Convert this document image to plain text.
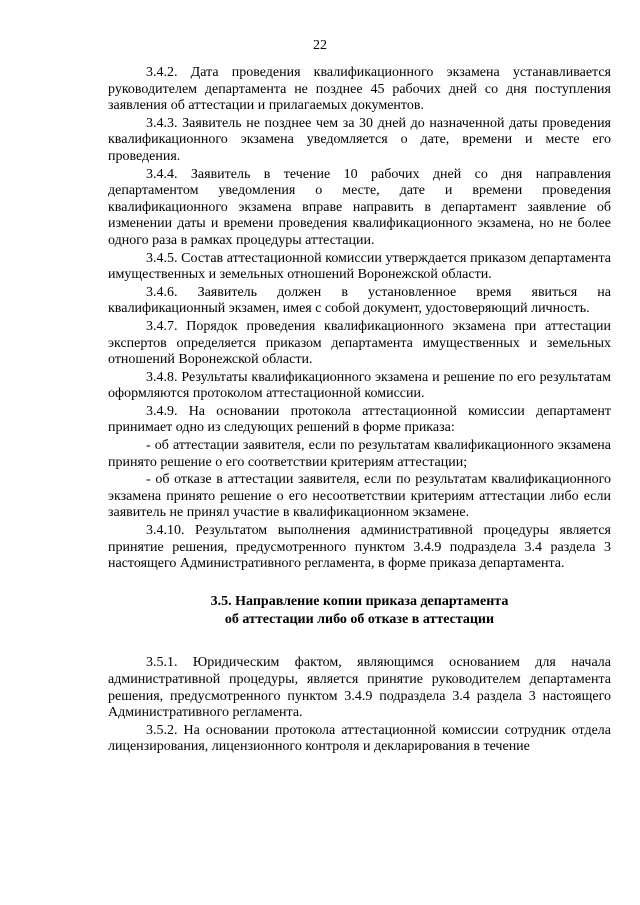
22

3.4.2. Дата проведения квалификационного экзамена устанавливается руководителем департамента не позднее 45 рабочих дней со дня поступления заявления об аттестации и прилагаемых документов.

3.4.3. Заявитель не позднее чем за 30 дней до назначенной даты проведения квалификационного экзамена уведомляется о дате, времени и месте его проведения.

3.4.4. Заявитель в течение 10 рабочих дней со дня направления департаментом уведомления о месте, дате и времени проведения квалификационного экзамена вправе направить в департамент заявление об изменении даты и времени проведения квалификационного экзамена, но не более одного раза в рамках процедуры аттестации.

3.4.5. Состав аттестационной комиссии утверждается приказом департамента имущественных и земельных отношений Воронежской области.

3.4.6. Заявитель должен в установленное время явиться на квалификационный экзамен, имея с собой документ, удостоверяющий личность.

3.4.7. Порядок проведения квалификационного экзамена при аттестации экспертов определяется приказом департамента имущественных и земельных отношений Воронежской области.

3.4.8. Результаты квалификационного экзамена и решение по его результатам оформляются протоколом аттестационной комиссии.

3.4.9. На основании протокола аттестационной комиссии департамент принимает одно из следующих решений в форме приказа:

- об аттестации заявителя, если по результатам квалификационного экзамена принято решение о его соответствии критериям аттестации;

- об отказе в аттестации заявителя, если по результатам квалификационного экзамена принято решение о его несоответствии критериям аттестации либо если заявитель не принял участие в квалификационном экзамене.

3.4.10. Результатом выполнения административной процедуры является принятие решения, предусмотренного пунктом 3.4.9 подраздела 3.4 раздела 3 настоящего Административного регламента, в форме приказа департамента.

3.5. Направление копии приказа департамента
об аттестации либо об отказе в аттестации

3.5.1. Юридическим фактом, являющимся основанием для начала административной процедуры, является принятие руководителем департамента решения, предусмотренного пунктом 3.4.9 подраздела 3.4 раздела 3 настоящего Административного регламента.

3.5.2. На основании протокола аттестационной комиссии сотрудник отдела лицензирования, лицензионного контроля и декларирования в течение
